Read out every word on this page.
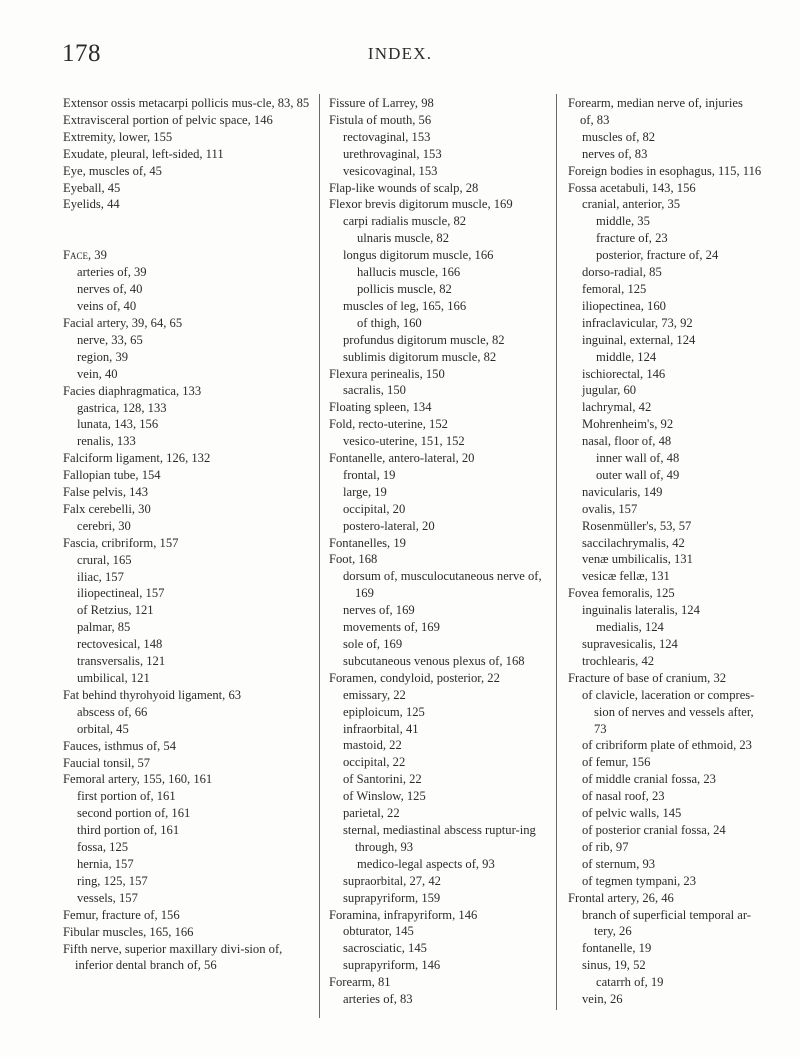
178	INDEX.
Extensor ossis metacarpi pollicis mus-cle, 83, 85
Extravisceral portion of pelvic space, 146
Extremity, lower, 155
Exudate, pleural, left-sided, 111
Eye, muscles of, 45
Eyeball, 45
Eyelids, 44
Face, 39
arteries of, 39
nerves of, 40
veins of, 40
Facial artery, 39, 64, 65
nerve, 33, 65
region, 39
vein, 40
Facies diaphragmatica, 133
gastrica, 128, 133
lunata, 143, 156
renalis, 133
Falciform ligament, 126, 132
Fallopian tube, 154
False pelvis, 143
Falx cerebelli, 30
cerebri, 30
Fascia, cribriform, 157
crural, 165
iliac, 157
iliopectineal, 157
of Retzius, 121
palmar, 85
rectovesical, 148
transversalis, 121
umbilical, 121
Fat behind thyrohyoid ligament, 63
abscess of, 66
orbital, 45
Fauces, isthmus of, 54
Faucial tonsil, 57
Femoral artery, 155, 160, 161
first portion of, 161
second portion of, 161
third portion of, 161
fossa, 125
hernia, 157
ring, 125, 157
vessels, 157
Femur, fracture of, 156
Fibular muscles, 165, 166
Fifth nerve, superior maxillary divi-sion of, inferior dental branch of, 56
Fissure of Larrey, 98
Fistula of mouth, 56
rectovaginal, 153
urethrovaginal, 153
vesicovaginal, 153
Flap-like wounds of scalp, 28
Flexor brevis digitorum muscle, 169
carpi radialis muscle, 82
ulnaris muscle, 82
longus digitorum muscle, 166
hallucis muscle, 166
pollicis muscle, 82
muscles of leg, 165, 166
of thigh, 160
profundus digitorum muscle, 82
sublimis digitorum muscle, 82
Flexura perinealis, 150
sacralis, 150
Floating spleen, 134
Fold, recto-uterine, 152
vesico-uterine, 151, 152
Fontanelle, antero-lateral, 20
frontal, 19
large, 19
occipital, 20
postero-lateral, 20
Fontanelles, 19
Foot, 168
dorsum of, musculocutaneous nerve of, 169
nerves of, 169
movements of, 169
sole of, 169
subcutaneous venous plexus of, 168
Foramen, condyloid, posterior, 22
emissary, 22
epiploicum, 125
infraorbital, 41
mastoid, 22
occipital, 22
of Santorini, 22
of Winslow, 125
parietal, 22
sternal, mediastinal abscess ruptur-ing through, 93
medico-legal aspects of, 93
supraorbital, 27, 42
suprapyriform, 159
Foramina, infrapyriform, 146
obturator, 145
sacrosciatic, 145
suprapyriform, 146
Forearm, 81
arteries of, 83
Forearm, median nerve of, injuries of, 83
muscles of, 82
nerves of, 83
Foreign bodies in esophagus, 115, 116
Fossa acetabuli, 143, 156
cranial, anterior, 35
middle, 35
fracture of, 23
posterior, fracture of, 24
dorso-radial, 85
femoral, 125
iliopectinea, 160
infraclavicular, 73, 92
inguinal, external, 124
middle, 124
ischiorectal, 146
jugular, 60
lachrymal, 42
Mohrenheim's, 92
nasal, floor of, 48
inner wall of, 48
outer wall of, 49
navicularis, 149
ovalis, 157
Rosenmüller's, 53, 57
saccilachrymalis, 42
venæ umbilicalis, 131
vesicæ fellæ, 131
Fovea femoralis, 125
inguinalis lateralis, 124
medialis, 124
supravesicalis, 124
trochlearis, 42
Fracture of base of cranium, 32
of clavicle, laceration or compres-sion of nerves and vessels after, 73
of cribriform plate of ethmoid, 23
of femur, 156
of middle cranial fossa, 23
of nasal roof, 23
of pelvic walls, 145
of posterior cranial fossa, 24
of rib, 97
of sternum, 93
of tegmen tympani, 23
Frontal artery, 26, 46
branch of superficial temporal ar-tery, 26
fontanelle, 19
sinus, 19, 52
catarrh of, 19
vein, 26
